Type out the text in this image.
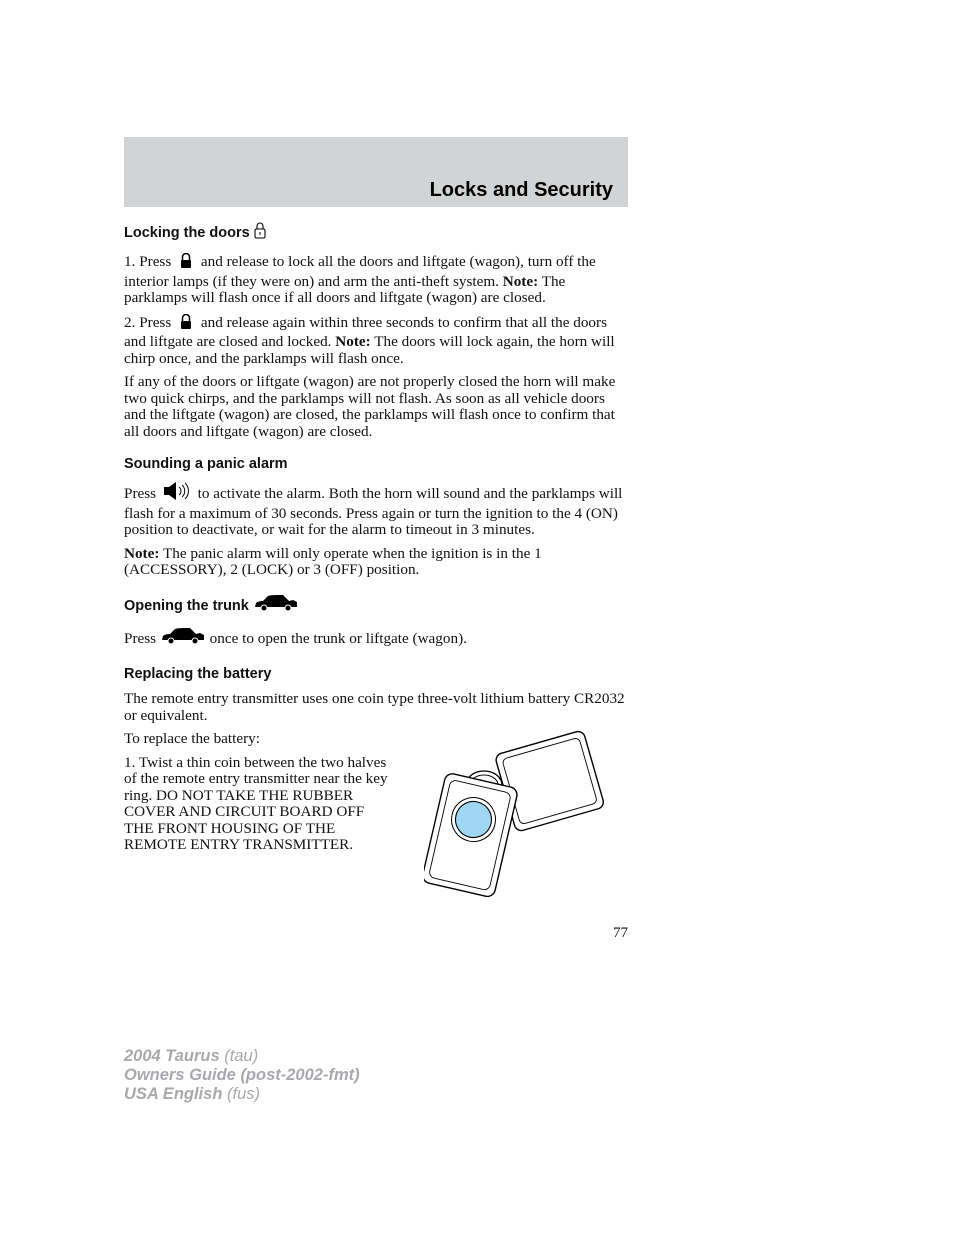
Locks and Security
Locking the doors

1. Press and release to lock all the doors and liftgate (wagon), turn off the interior lamps (if they were on) and arm the anti-theft system. Note: The parklamps will flash once if all doors and liftgate (wagon) are closed.

2. Press and release again within three seconds to confirm that all the doors and liftgate are closed and locked. Note: The doors will lock again, the horn will chirp once, and the parklamps will flash once.

If any of the doors or liftgate (wagon) are not properly closed the horn will make two quick chirps, and the parklamps will not flash. As soon as all vehicle doors and the liftgate (wagon) are closed, the parklamps will flash once to confirm that all doors and liftgate (wagon) are closed.

Sounding a panic alarm

Press	to activate the alarm. Both the horn will sound and the parklamps will flash for a maximum of 30 seconds. Press again or turn the ignition to the 4 (ON) position to deactivate, or wait for the alarm to timeout in 3 minutes.

Note: The panic alarm will only operate when the ignition is in the 1 (ACCESSORY), 2 (LOCK) or 3 (OFF) position.

Opening the trunk

Press	once to open the trunk or liftgate (wagon).

Replacing the battery

The remote entry transmitter uses one coin type three-volt lithium battery CR2032 or equivalent.

To replace the battery:

1. Twist a thin coin between the two halves of the remote entry transmitter near the key ring. DO NOT TAKE THE RUBBER COVER AND CIRCUIT BOARD OFF THE FRONT HOUSING OF THE REMOTE ENTRY TRANSMITTER.

77
2004 Taurus (tau)
Owners Guide (post-2002-fmt)
USA English (fus)
